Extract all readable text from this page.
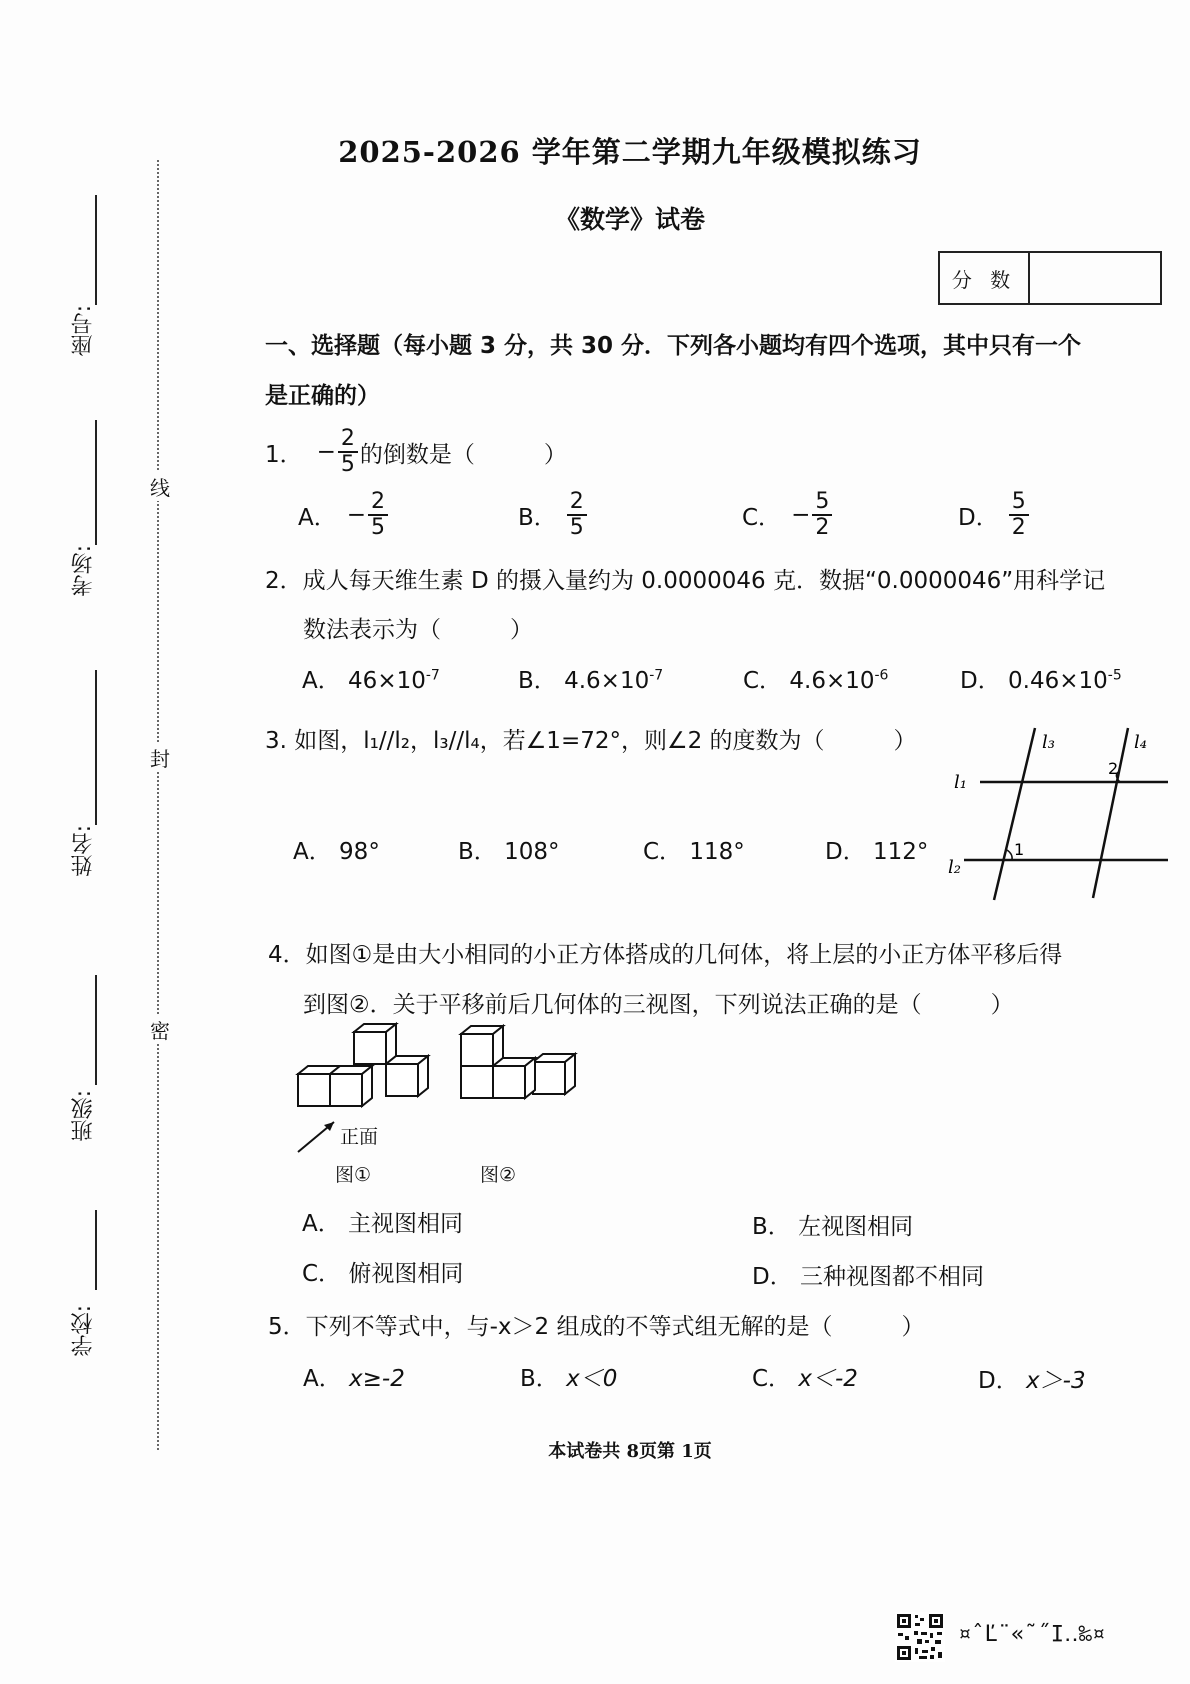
2025-2026 学年第二学期九年级模拟练习
《数学》试卷
分 数
座号:
考场:
姓名:
班级:
学校:
线
封
密
一、选择题（每小题 3 分，共 30 分．下列各小题均有四个选项，其中只有一个
是正确的）
1． − $\frac{2}{5}$ 的倒数是（　　　）
A． − $\frac{2}{5}$	B． $\frac{2}{5}$	C． − $\frac{5}{2}$	D． $\frac{5}{2}$
2．成人每天维生素 D 的摄入量约为 0.0000046 克．数据“0.0000046”用科学记
数法表示为（　　　）
A． $46\times 10^{-7}$	B． $4.6\times 10^{-7}$	C． $4.6\times 10^{-6}$	D． $0.46\times 10^{-5}$
3. 如图，l₁//l₂，l₃//l₄，若∠1=72°，则∠2 的度数为（　　　）
A． 98°	B． 108°	C． 118°	D． 112°
l₃	l₄
l₁
l₂
1
2
4．如图①是由大小相同的小正方体搭成的几何体，将上层的小正方体平移后得
到图②．关于平移前后几何体的三视图，下列说法正确的是（　　　）
正面
图①	图②
A． 主视图相同	B． 左视图相同
C． 俯视图相同	D． 三种视图都不相同
5．下列不等式中，与-x＞2 组成的不等式组无解的是（　　　）
A． x≥-2	B． x＜0	C． x＜-2	D． x＞-3
本试卷共 8页第 1页
¤ˆĽ¨«˜˝Ι‥‰¤
